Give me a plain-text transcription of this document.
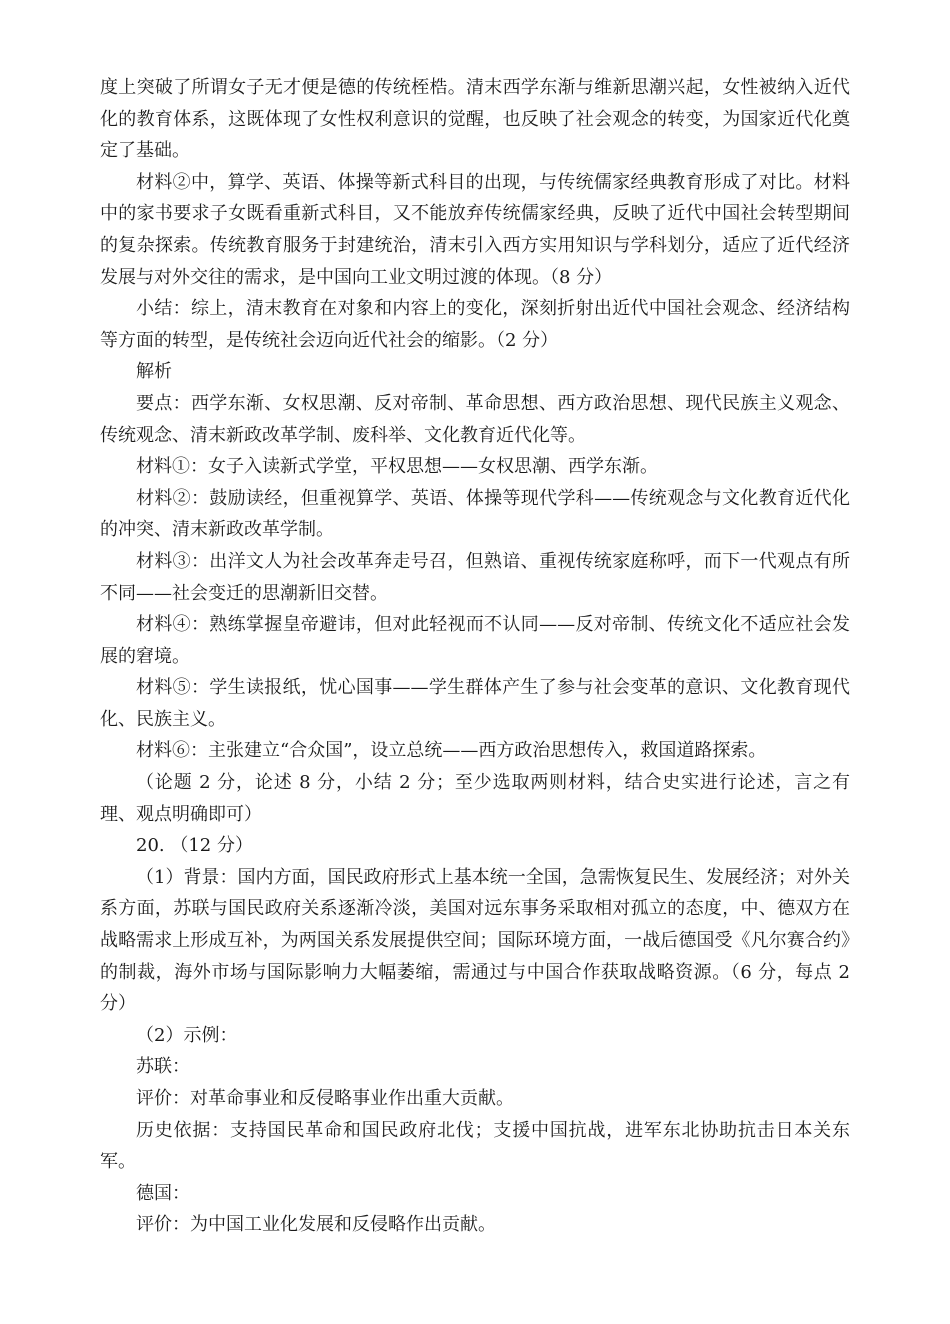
度上突破了所谓女子无才便是德的传统桎梏。清末西学东渐与维新思潮兴起，女性被纳入近代化的教育体系，这既体现了女性权利意识的觉醒，也反映了社会观念的转变，为国家近代化奠定了基础。

材料②中，算学、英语、体操等新式科目的出现，与传统儒家经典教育形成了对比。材料中的家书要求子女既看重新式科目，又不能放弃传统儒家经典，反映了近代中国社会转型期间的复杂探索。传统教育服务于封建统治，清末引入西方实用知识与学科划分，适应了近代经济发展与对外交往的需求，是中国向工业文明过渡的体现。（8 分）

小结：综上，清末教育在对象和内容上的变化，深刻折射出近代中国社会观念、经济结构等方面的转型，是传统社会迈向近代社会的缩影。（2 分）

解析

要点：西学东渐、女权思潮、反对帝制、革命思想、西方政治思想、现代民族主义观念、传统观念、清末新政改革学制、废科举、文化教育近代化等。

材料①：女子入读新式学堂，平权思想——女权思潮、西学东渐。

材料②：鼓励读经，但重视算学、英语、体操等现代学科——传统观念与文化教育近代化的冲突、清末新政改革学制。

材料③：出洋文人为社会改革奔走号召，但熟谙、重视传统家庭称呼，而下一代观点有所不同——社会变迁的思潮新旧交替。

材料④：熟练掌握皇帝避讳，但对此轻视而不认同——反对帝制、传统文化不适应社会发展的窘境。

材料⑤：学生读报纸，忧心国事——学生群体产生了参与社会变革的意识、文化教育现代化、民族主义。

材料⑥：主张建立“合众国”，设立总统——西方政治思想传入，救国道路探索。

（论题 2 分，论述 8 分，小结 2 分；至少选取两则材料，结合史实进行论述，言之有理、观点明确即可）

20. （12 分）

（1）背景：国内方面，国民政府形式上基本统一全国，急需恢复民生、发展经济；对外关系方面，苏联与国民政府关系逐渐冷淡，美国对远东事务采取相对孤立的态度，中、德双方在战略需求上形成互补，为两国关系发展提供空间；国际环境方面，一战后德国受《凡尔赛合约》的制裁，海外市场与国际影响力大幅萎缩，需通过与中国合作获取战略资源。（6 分，每点 2 分）

（2）示例：

苏联：

评价：对革命事业和反侵略事业作出重大贡献。

历史依据：支持国民革命和国民政府北伐；支援中国抗战，进军东北协助抗击日本关东军。

德国：

评价：为中国工业化发展和反侵略作出贡献。
